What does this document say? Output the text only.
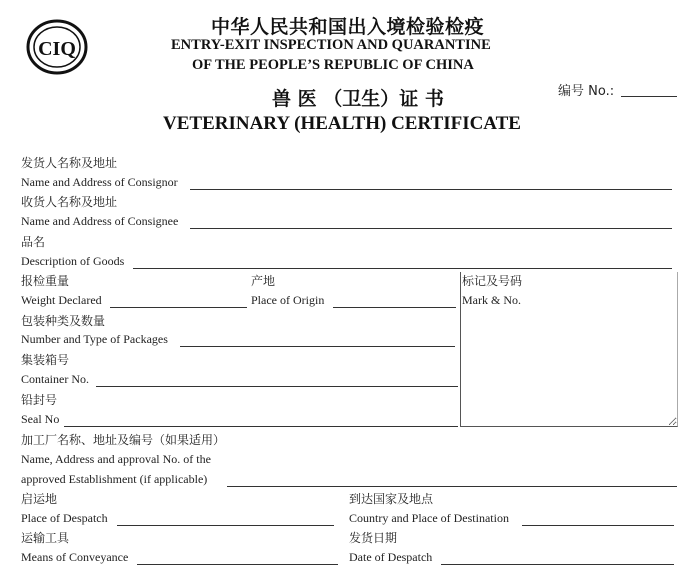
CIQ
中华人民共和国出入境检验检疫
ENTRY-EXIT INSPECTION AND QUARANTINE
OF THE PEOPLE’S REPUBLIC OF CHINA
兽 医 （卫生）证 书
VETERINARY (HEALTH) CERTIFICATE
编号 No.:
发货人名称及地址
Name and Address of Consignor
收货人名称及地址
Name and Address of Consignee
品名
Description of Goods
报检重量
Weight Declared
产地
Place of Origin
标记及号码
Mark & No.
包装种类及数量
Number and Type of Packages
集装箱号
Container No.
铅封号
Seal No
加工厂名称、地址及编号（如果适用）
Name, Address and approval No. of the
approved Establishment (if applicable)
启运地
Place of Despatch
到达国家及地点
Country and Place of Destination
运输工具
Means of Conveyance
发货日期
Date of Despatch
